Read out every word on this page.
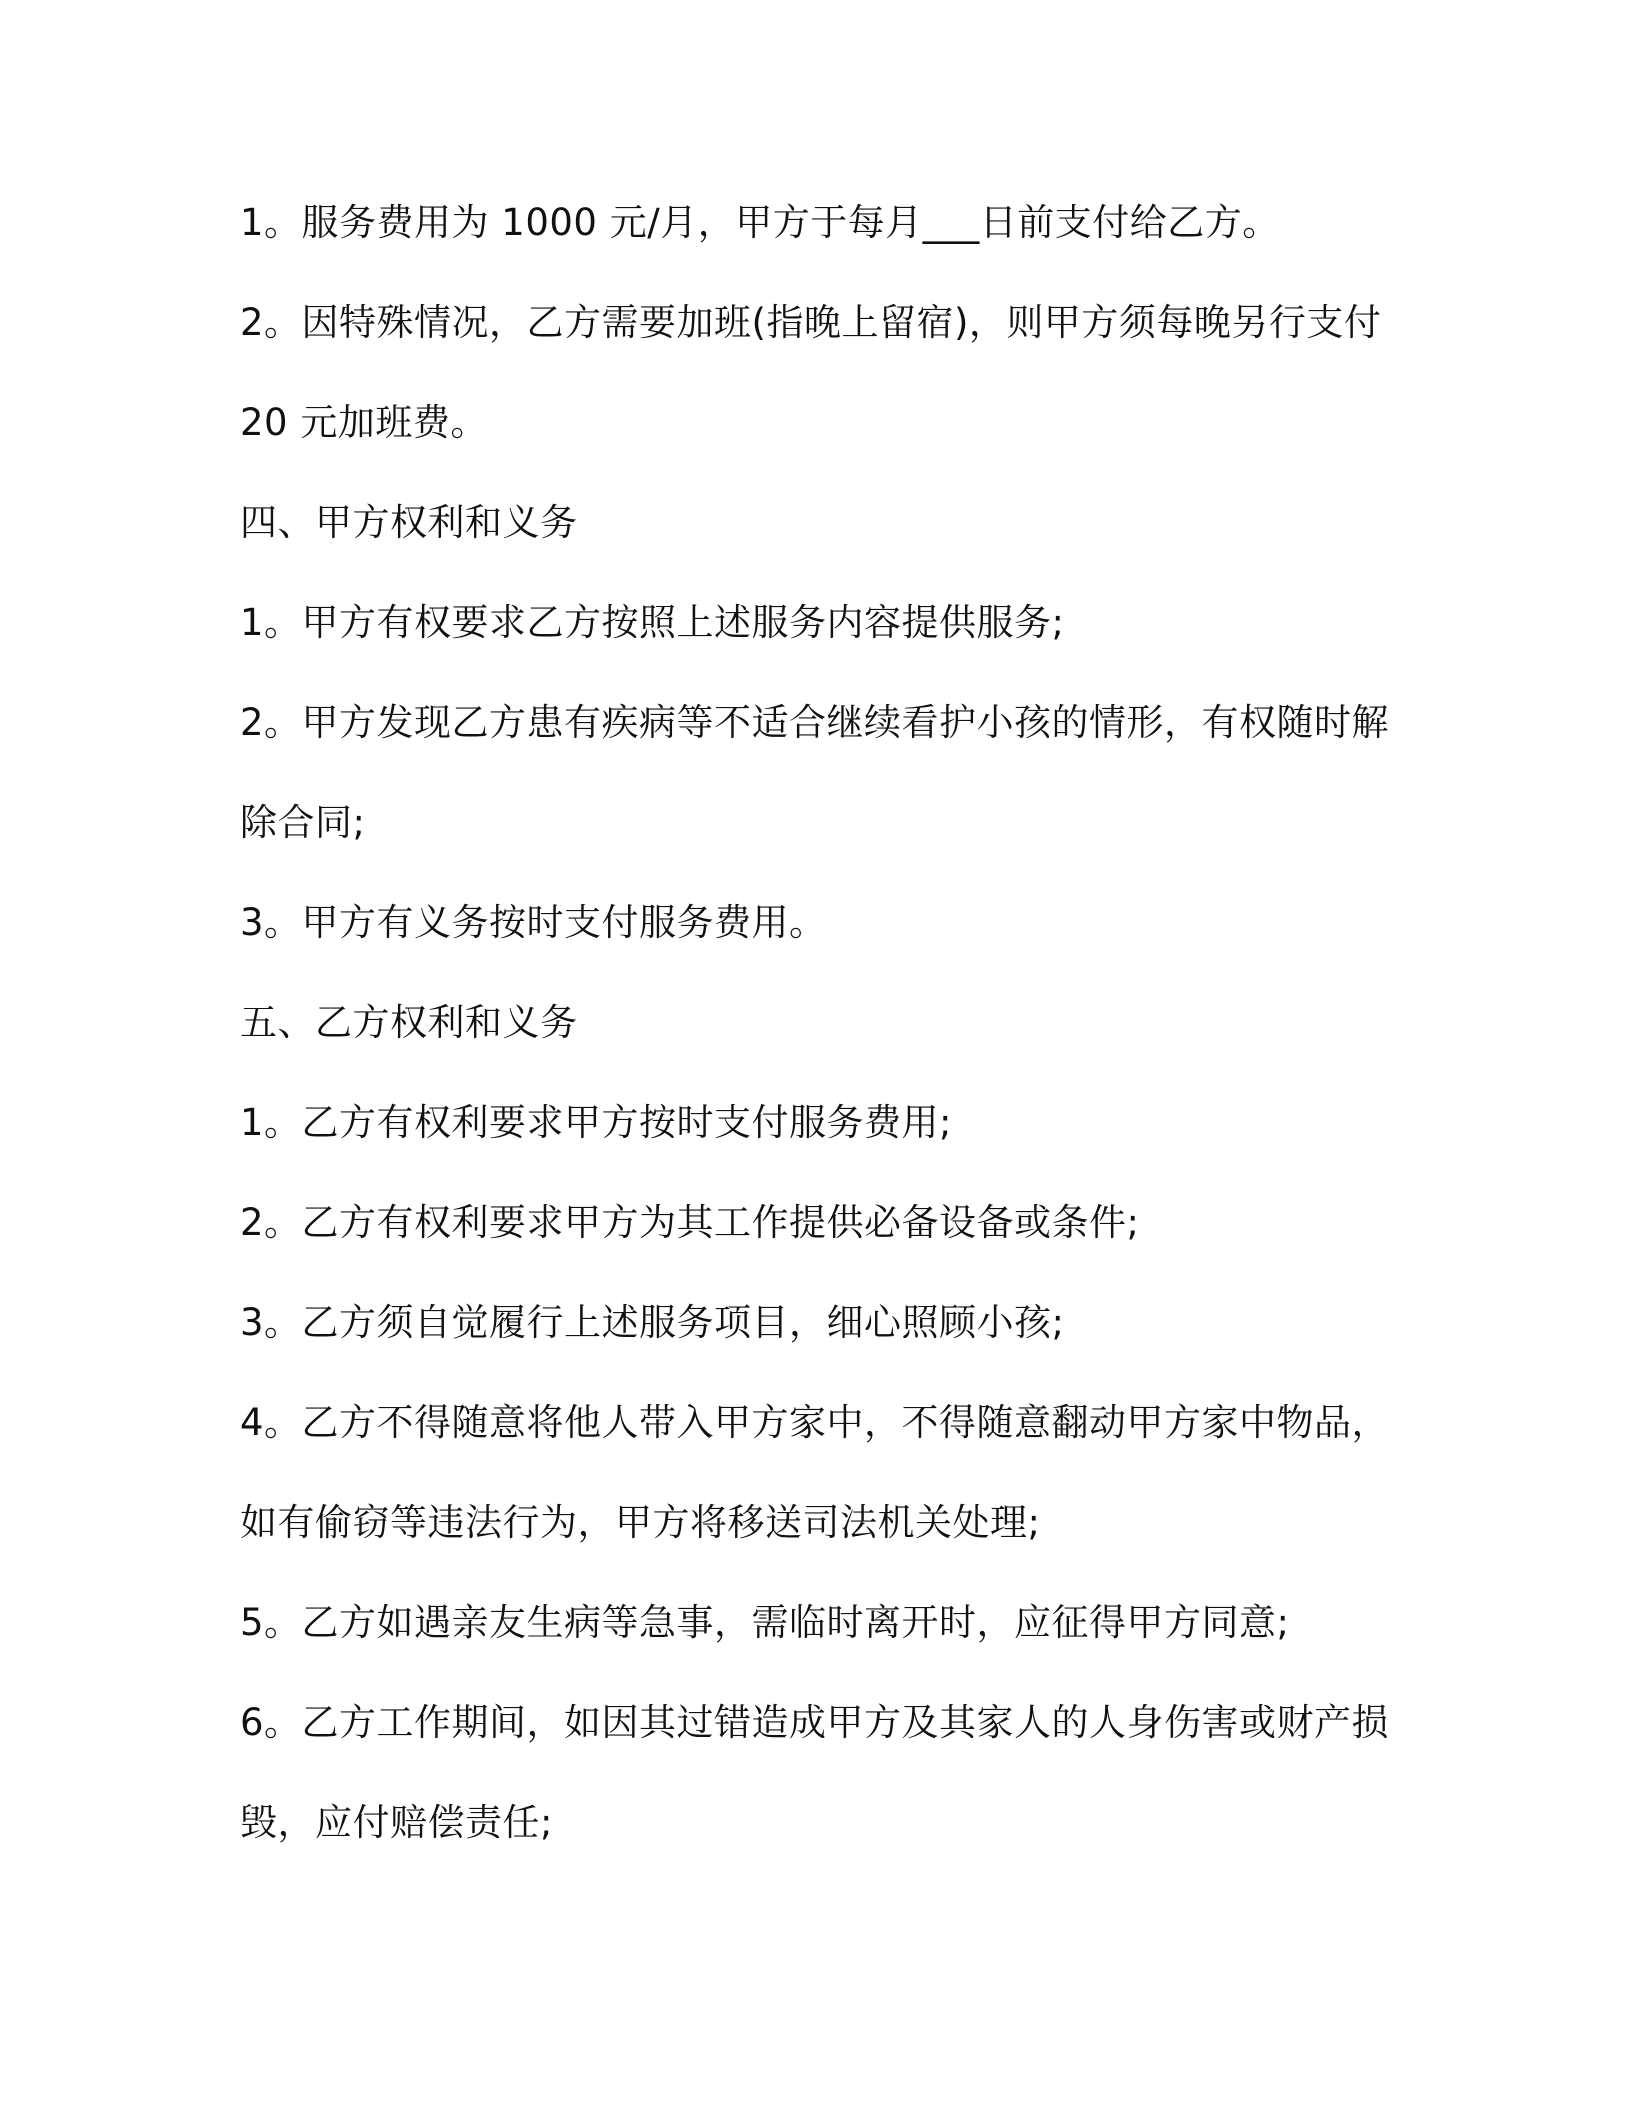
1。服务费用为 1000 元/月，甲方于每月___日前支付给乙方。
2。因特殊情况，乙方需要加班(指晚上留宿)，则甲方须每晚另行支付
20 元加班费。
四、甲方权利和义务
1。甲方有权要求乙方按照上述服务内容提供服务;
2。甲方发现乙方患有疾病等不适合继续看护小孩的情形，有权随时解
除合同;
3。甲方有义务按时支付服务费用。
五、乙方权利和义务
1。乙方有权利要求甲方按时支付服务费用;
2。乙方有权利要求甲方为其工作提供必备设备或条件;
3。乙方须自觉履行上述服务项目，细心照顾小孩;
4。乙方不得随意将他人带入甲方家中，不得随意翻动甲方家中物品，
如有偷窃等违法行为，甲方将移送司法机关处理;
5。乙方如遇亲友生病等急事，需临时离开时，应征得甲方同意;
6。乙方工作期间，如因其过错造成甲方及其家人的人身伤害或财产损
毁，应付赔偿责任;
